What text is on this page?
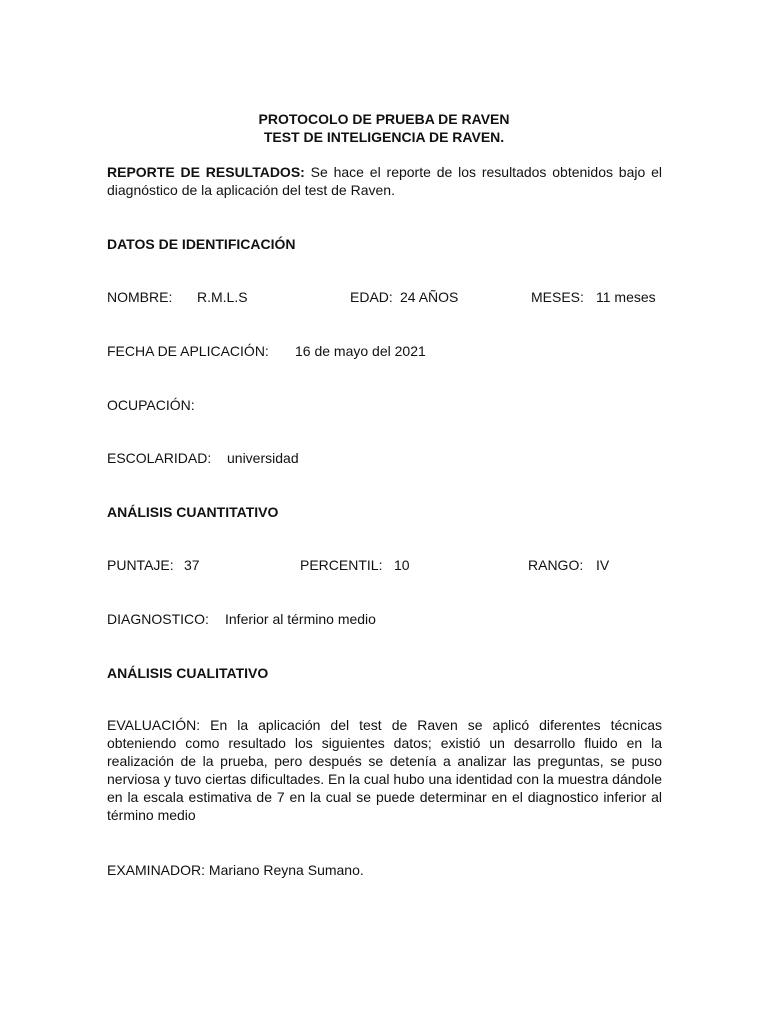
PROTOCOLO DE PRUEBA DE RAVEN
TEST DE INTELIGENCIA DE RAVEN.
REPORTE DE RESULTADOS: Se hace el reporte de los resultados obtenidos bajo el diagnóstico de la aplicación del test de Raven.
DATOS DE IDENTIFICACIÓN
NOMBRE: R.M.L.S	EDAD: 24 AÑOS	MESES: 11 meses
FECHA DE APLICACIÓN: 16 de mayo del 2021
OCUPACIÓN:
ESCOLARIDAD: universidad
ANÁLISIS CUANTITATIVO
PUNTAJE: 37	PERCENTIL: 10	RANGO: IV
DIAGNOSTICO: Inferior al término medio
ANÁLISIS CUALITATIVO
EVALUACIÓN: En la aplicación del test de Raven se aplicó diferentes técnicas obteniendo como resultado los siguientes datos; existió un desarrollo fluido en la realización de la prueba, pero después se detenía a analizar las preguntas, se puso nerviosa y tuvo ciertas dificultades. En la cual hubo una identidad con la muestra dándole en la escala estimativa de 7 en la cual se puede determinar en el diagnostico inferior al término medio
EXAMINADOR: Mariano Reyna Sumano.
